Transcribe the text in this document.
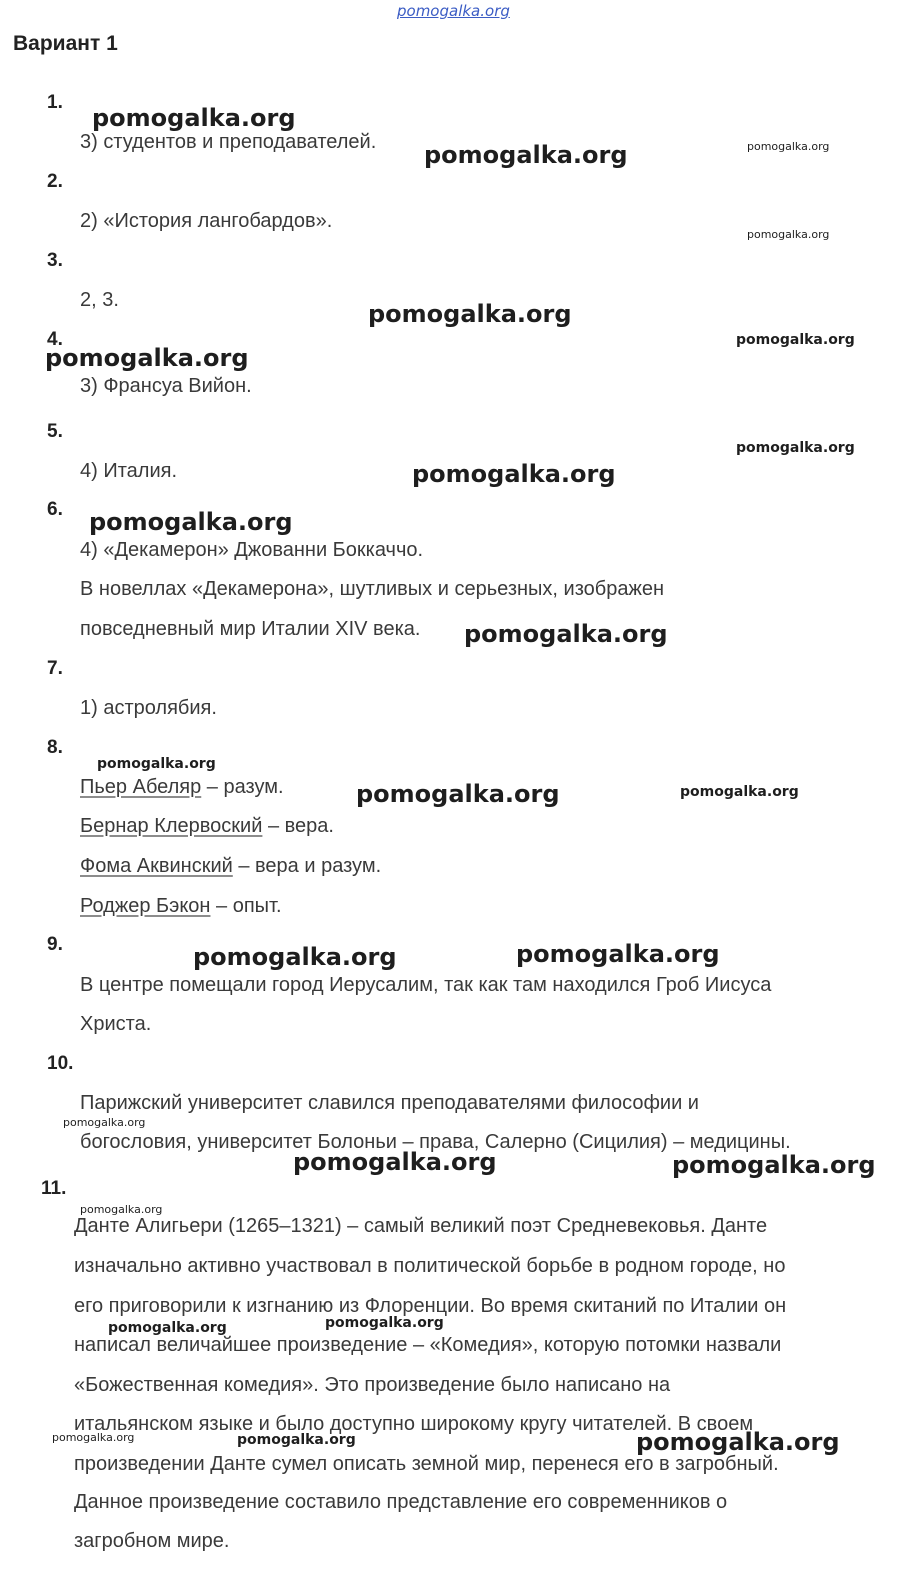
pomogalka.org
Вариант 1
1.
2.
3.
4.
5.
6.
7.
8.
9.
10.
11.
3) студентов и преподавателей.
2) «История лангобардов».
2, 3.
3) Франсуа Вийон.
4) Италия.
4) «Декамерон» Джованни Боккаччо.
В новеллах «Декамерона», шутливых и серьезных, изображен
повседневный мир Италии XIV века.
1) астролябия.
Пьер Абеляр – разум.
Бернар Клервоский – вера.
Фома Аквинский – вера и разум.
Роджер Бэкон – опыт.
В центре помещали город Иерусалим, так как там находился Гроб Иисуса
Христа.
Парижский университет славился преподавателями философии и
богословия, университет Болоньи – права, Салерно (Сицилия) – медицины.
Данте Алигьери (1265–1321) – самый великий поэт Средневековья. Данте
изначально активно участвовал в политической борьбе в родном городе, но
его приговорили к изгнанию из Флоренции. Во время скитаний по Италии он
написал величайшее произведение – «Комедия», которую потомки назвали
«Божественная комедия». Это произведение было написано на
итальянском языке и было доступно широкому кругу читателей. В своем
произведении Данте сумел описать земной мир, перенеся его в загробный.
Данное произведение составило представление его современников о
загробном мире.
pomogalka.org
pomogalka.org	pomogalka.org
pomogalka.org
pomogalka.org
pomogalka.org
pomogalka.org
pomogalka.org
pomogalka.org
pomogalka.org
pomogalka.org
pomogalka.org
pomogalka.org	pomogalka.org
pomogalka.org	pomogalka.org
pomogalka.org
pomogalka.org	pomogalka.org
pomogalka.org
pomogalka.org	pomogalka.org
pomogalka.org	pomogalka.org	pomogalka.org
